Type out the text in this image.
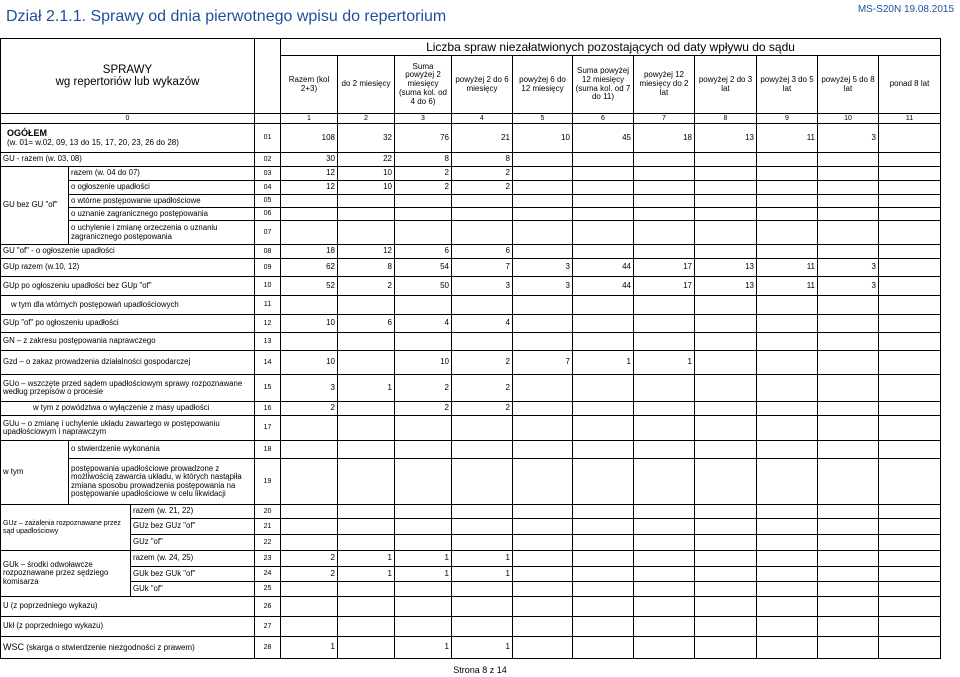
Dział 2.1.1. Sprawy od dnia pierwotnego wpisu do repertorium	MS-S20N 19.08.2015
SPRAWY
wg repertoriów lub wykazów				Liczba spraw niezałatwionych pozostających od daty wpływu do sądu										
				Razem (kol 2+3)	do 2 miesięcy	Suma powyżej 2 miesięcy (suma kol. od 4 do 6)	powyżej 2 do 6 miesięcy	powyżej 6 do 12 miesięcy	Suma powyżej 12 miesięcy (suma kol. od 7 do 11)	powyżej 12 miesięcy do 2 lat	powyżej 2 do 3 lat	powyżej 3 do 5 lat	powyżej 5 do 8 lat	ponad 8 lat
0				1	2	3	4	5	6	7	8	9	10	11

OGÓŁEM
(w. 01= w.02, 09, 13 do 15, 17, 20, 23, 26 do 28)			01	108	32	76	21	10	45	18	13	11	3	
GU - razem (w. 03, 08)			02	30	22	8	8							
GU bez GU "of"	razem (w. 04 do 07)		03	12	10	2	2							
	o ogłoszenie upadłości		04	12	10	2	2							
	o wtórne postępowanie upadłościowe		05											
	o uznanie zagranicznego postępowania		06											
	o uchylenie i zmianę orzeczenia o uznaniu zagranicznego postępowania		07											
GU "of" - o ogłoszenie upadłości			08	18	12	6	6							
GUp razem (w.10, 12)			09	62	8	54	7	3	44	17	13	11	3	
GUp po ogłoszeniu upadłości bez GUp "of"			10	52	2	50	3	3	44	17	13	11	3	
w tym dla wtórnych postępowań upadłościowych			11											
GUp "of" po ogłoszeniu upadłości			12	10	6	4	4							
GN – z zakresu postępowania naprawczego			13											
Gzd – o zakaz prowadzenia działalności gospodarczej			14	10		10	2	7	1	1				
GUo – wszczęte przed sądem upadłościowym sprawy rozpoznawane według przepisów o procesie			15	3	1	2	2							
w tym z powództwa o wyłączenie z masy upadłości			16	2		2	2							
GUu – o zmianę i uchylenie układu zawartego w postępowaniu upadłościowym i naprawczym			17											
w tym	o stwierdzenie wykonania		18											
	postępowania upadłościowe prowadzone z możliwością zawarcia układu, w których nastąpiła zmiana sposobu prowadzenia postępowania na postępowanie upadłościowe w celu likwidacji		19											
GUz – zażalenia rozpoznawane przez sąd upadłościowy		razem (w. 21, 22)	20											
		GUz bez GUz "of"	21											
		GUz "of"	22											
GUk – środki odwoławcze rozpoznawane przez sędziego komisarza		razem (w. 24, 25)	23	2	1	1	1							
		GUk bez GUk "of"	24	2	1	1	1							
		GUk "of"	25											
U (z poprzedniego wykazu)			26											
Ukł (z poprzedniego wykazu)			27											
WSC (skarga o stwierdzenie niezgodności z prawem)			28	1		1	1							
Strona 8 z 14
